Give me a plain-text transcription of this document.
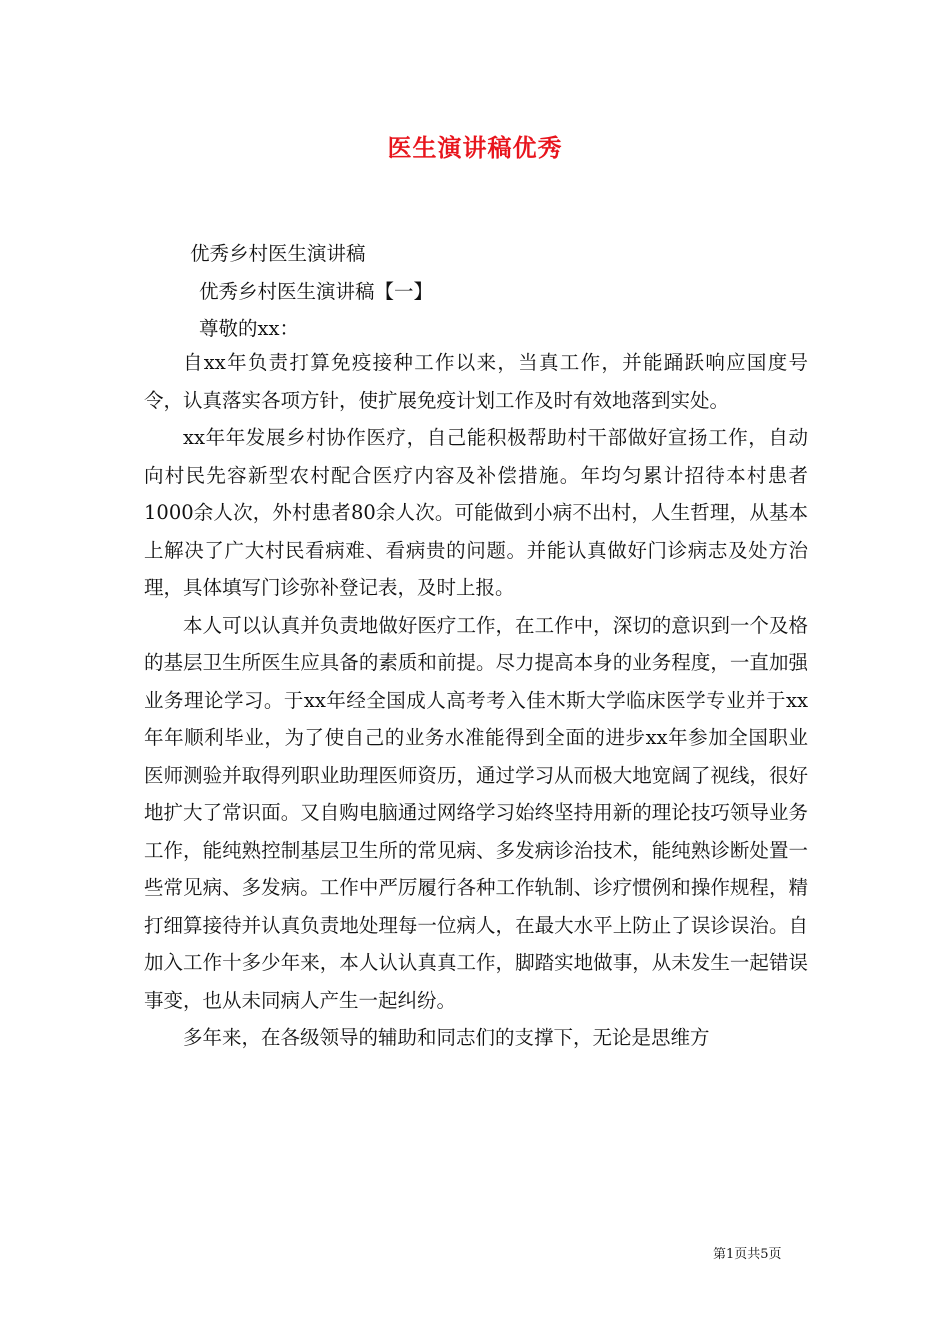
医生演讲稿优秀
优秀乡村医生演讲稿
优秀乡村医生演讲稿【一】
尊敬的xx：

自xx年负责打算免疫接种工作以来，当真工作，并能踊跃响应国度号令，认真落实各项方针，使扩展免疫计划工作及时有效地落到实处。

xx年年发展乡村协作医疗，自己能积极帮助村干部做好宣扬工作，自动向村民先容新型农村配合医疗内容及补偿措施。年均匀累计招待本村患者1000余人次，外村患者80余人次。可能做到小病不出村，人生哲理，从基本上解决了广大村民看病难、看病贵的问题。并能认真做好门诊病志及处方治理，具体填写门诊弥补登记表，及时上报。

本人可以认真并负责地做好医疗工作，在工作中，深切的意识到一个及格的基层卫生所医生应具备的素质和前提。尽力提高本身的业务程度，一直加强业务理论学习。于xx年经全国成人高考考入佳木斯大学临床医学专业并于xx年年顺利毕业，为了使自己的业务水准能得到全面的进步xx年参加全国职业医师测验并取得列职业助理医师资历，通过学习从而极大地宽阔了视线，很好地扩大了常识面。又自购电脑通过网络学习始终坚持用新的理论技巧领导业务工作，能纯熟控制基层卫生所的常见病、多发病诊治技术，能纯熟诊断处置一些常见病、多发病。工作中严厉履行各种工作轨制、诊疗惯例和操作规程，精打细算接待并认真负责地处理每一位病人，在最大水平上防止了误诊误治。自加入工作十多少年来，本人认认真真工作，脚踏实地做事，从未发生一起错误事变，也从未同病人产生一起纠纷。

多年来，在各级领导的辅助和同志们的支撑下，无论是思维方

第1页共5页
